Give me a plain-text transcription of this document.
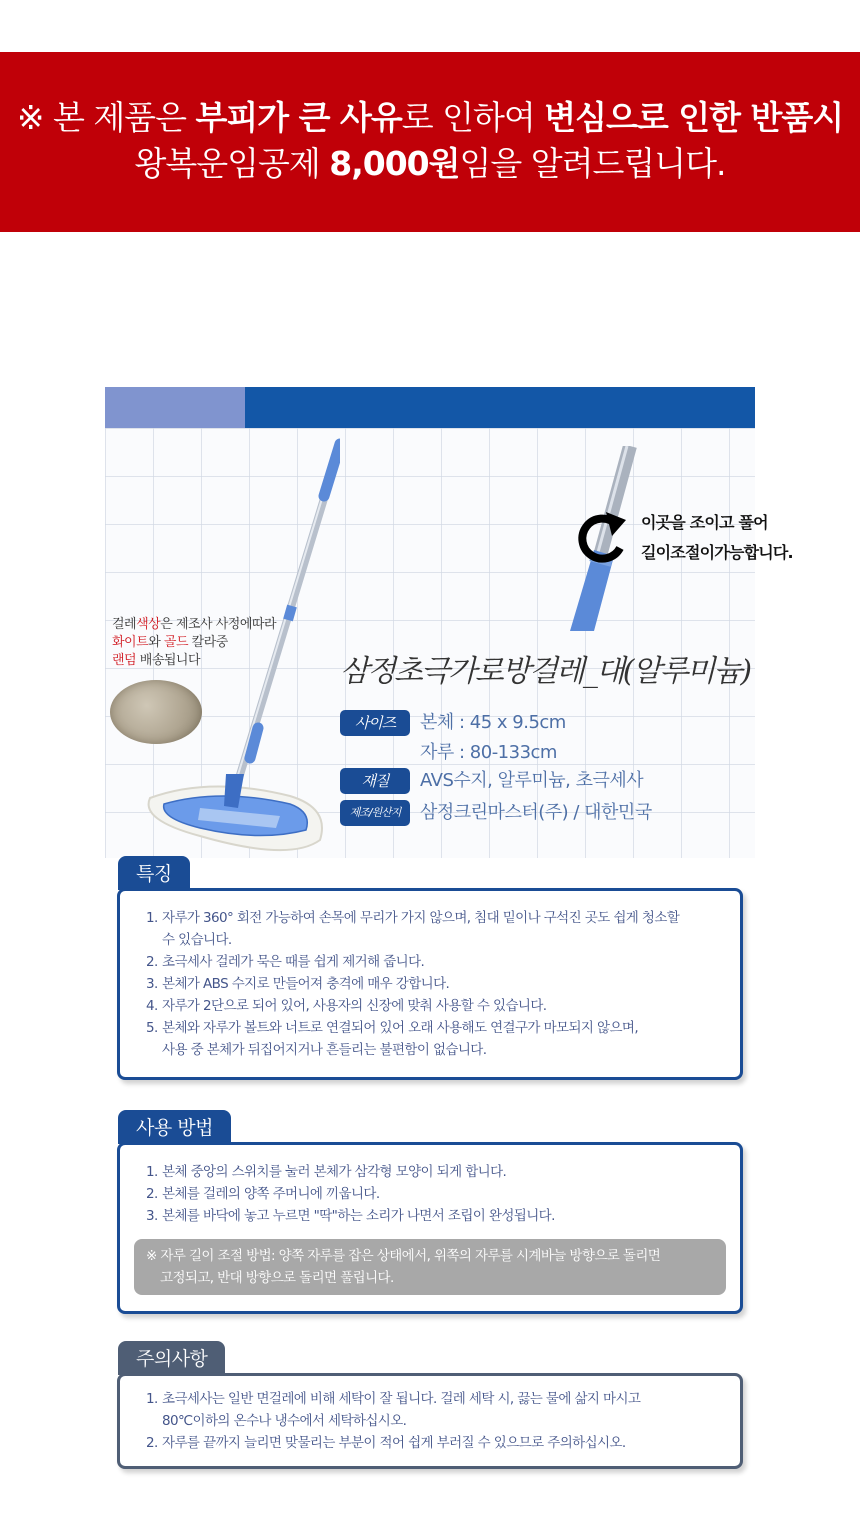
※ 본 제품은 부피가 큰 사유로 인하여 변심으로 인한 반품시
왕복운임공제 8,000원임을 알려드립니다.
걸레색상은 제조사 사정에따라
화이트와 골드 칼라중
랜덤 배송됩니다
이곳을 조이고 풀어
길이조절이가능합니다.
삼정초극가로방걸레_대(알루미늄)
사이즈	본체 : 45 x 9.5cm
자루 : 80-133cm
재질	AVS수지, 알루미늄, 초극세사
제조/원산지	삼정크린마스터(주) / 대한민국
특징
1. 자루가 360° 회전 가능하여 손목에 무리가 가지 않으며, 침대 밑이나 구석진 곳도 쉽게 청소할
수 있습니다.
2. 초극세사 걸레가 묵은 때를 쉽게 제거해 줍니다.
3. 본체가 ABS 수지로 만들어져 충격에 매우 강합니다.
4. 자루가 2단으로 되어 있어, 사용자의 신장에 맞춰 사용할 수 있습니다.
5. 본체와 자루가 볼트와 너트로 연결되어 있어 오래 사용해도 연결구가 마모되지 않으며,
사용 중 본체가 뒤집어지거나 흔들리는 불편함이 없습니다.
사용 방법
1. 본체 중앙의 스위치를 눌러 본체가 삼각형 모양이 되게 합니다.
2. 본체를 걸레의 양쪽 주머니에 끼웁니다.
3. 본체를 바닥에 놓고 누르면 "딱"하는 소리가 나면서 조립이 완성됩니다.
※ 자루 길이 조절 방법: 양쪽 자루를 잡은 상태에서, 위쪽의 자루를 시계바늘 방향으로 돌리면
고정되고, 반대 방향으로 돌리면 풀립니다.
주의사항
1. 초극세사는 일반 면걸레에 비해 세탁이 잘 됩니다. 걸레 세탁 시, 끓는 물에 삶지 마시고
80℃이하의 온수나 냉수에서 세탁하십시오.
2. 자루를 끝까지 늘리면 맞물리는 부분이 적어 쉽게 부러질 수 있으므로 주의하십시오.
